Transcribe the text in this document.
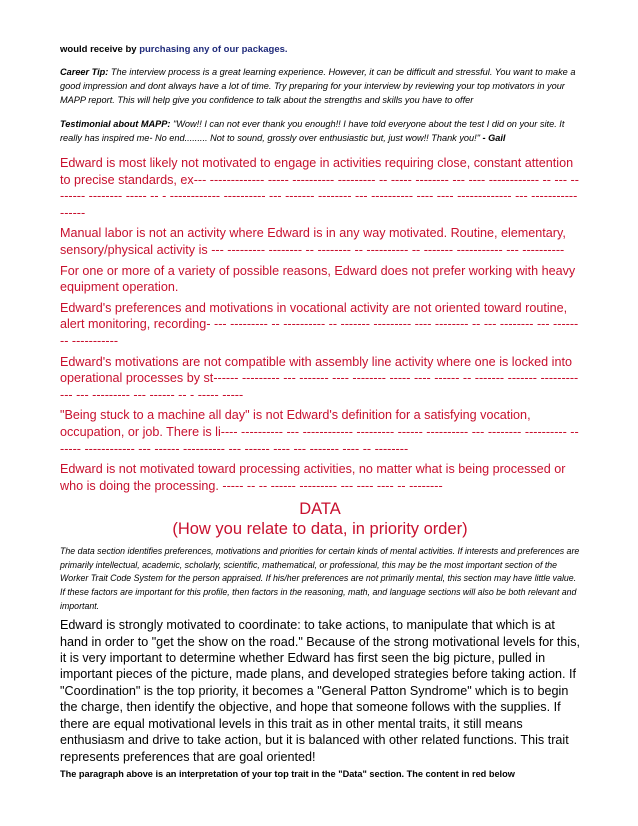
would receive by purchasing any of our packages.

Career Tip: The interview process is a great learning experience. However, it can be difficult and stressful. You want to make a good impression and dont always have a lot of time. Try preparing for your interview by reviewing your top motivators in your MAPP report. This will help give you confidence to talk about the strengths and skills you have to offer

Testimonial about MAPP: "Wow!! I can not ever thank you enough!! I have told everyone about the test I did on your site. It really has inspired me- No end......... Not to sound, grossly over enthusiastic but, just wow!! Thank you!" - Gail

Edward is most likely not motivated to engage in activities requiring close, constant attention to precise standards, ex--- ------------- ----- ---------- --------- -- ----- -------- --- ---- ------------ -- --- -------- -------- ----- -- - ------------ ---------- --- ------- -------- --- ---------- ---- ---- ------------- --- ----------- ------

Manual labor is not an activity where Edward is in any way motivated. Routine, elementary, sensory/physical activity is --- --------- -------- -- -------- -- ---------- -- ------- ----------- --- ----------

For one or more of a variety of possible reasons, Edward does not prefer working with heavy equipment operation.

Edward's preferences and motivations in vocational activity are not oriented toward routine, alert monitoring, recording- --- --------- -- ---------- -- ------- --------- ---- -------- -- --- -------- --- -------- -----------

Edward's motivations are not compatible with assembly line activity where one is locked into operational processes by st------ --------- --- ------- ---- -------- ----- ---- ------ -- ------- ------- ------------ --- --------- --- ------ -- - ----- -----

"Being stuck to a machine all day" is not Edward's definition for a satisfying vocation, occupation, or job. There is li---- ---------- --- ------------ --------- ------ ---------- --- -------- ---------- ------- ------------ --- ------ ---------- --- ------ ---- --- ------- ---- -- --------

Edward is not motivated toward processing activities, no matter what is being processed or who is doing the processing. ----- -- -- ------ --------- --- ---- ---- -- --------

DATA
(How you relate to data, in priority order)

The data section identifies preferences, motivations and priorities for certain kinds of mental activities. If interests and preferences are primarily intellectual, academic, scholarly, scientific, mathematical, or professional, this may be the most important section of the Worker Trait Code System for the person appraised. If his/her preferences are not primarily mental, this section may have little value. If these factors are important for this profile, then factors in the reasoning, math, and language sections will also be both relevant and important.

Edward is strongly motivated to coordinate: to take actions, to manipulate that which is at hand in order to "get the show on the road." Because of the strong motivational levels for this, it is very important to determine whether Edward has first seen the big picture, pulled in important pieces of the picture, made plans, and developed strategies before taking action. If "Coordination" is the top priority, it becomes a "General Patton Syndrome" which is to begin the charge, then identify the objective, and hope that someone follows with the supplies. If there are equal motivational levels in this trait as in other mental traits, it still means enthusiasm and drive to take action, but it is balanced with other related functions. This trait represents preferences that are goal oriented!

The paragraph above is an interpretation of your top trait in the "Data" section. The content in red below
